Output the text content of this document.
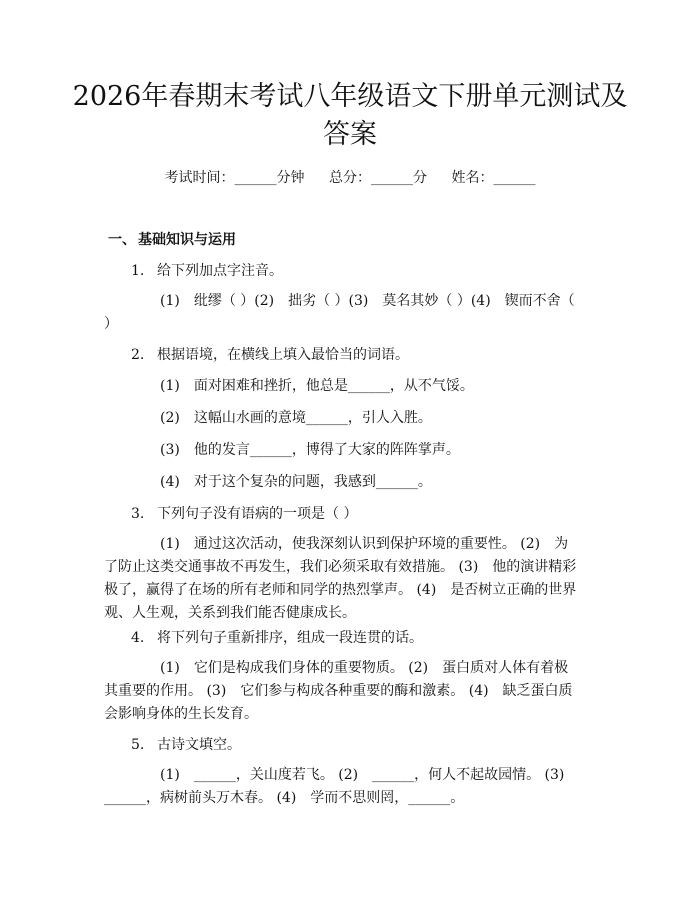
2026年春期末考试八年级语文下册单元测试及答案
考试时间：______分钟 总分：______分 姓名：______
一、 基础知识与运用
1. 给下列加点字注音。
(1)　纰缪（ ）(2)　拙劣（ ）(3)　莫名其妙（ ）(4)　锲而不舍（ ）
2. 根据语境，在横线上填入最恰当的词语。
(1)　面对困难和挫折，他总是______，从不气馁。
(2)　这幅山水画的意境______，引人入胜。
(3)　他的发言______，博得了大家的阵阵掌声。
(4)　对于这个复杂的问题，我感到______。
3. 下列句子没有语病的一项是（ ）
(1)　通过这次活动，使我深刻认识到保护环境的重要性。 (2)　为了防止这类交通事故不再发生，我们必须采取有效措施。 (3)　他的演讲精彩极了，赢得了在场的所有老师和同学的热烈掌声。 (4)　是否树立正确的世界观、人生观，关系到我们能否健康成长。
4. 将下列句子重新排序，组成一段连贯的话。
(1)　它们是构成我们身体的重要物质。 (2)　蛋白质对人体有着极其重要的作用。 (3)　它们参与构成各种重要的酶和激素。 (4)　缺乏蛋白质会影响身体的生长发育。
5. 古诗文填空。
(1)　______，关山度若飞。 (2)　______，何人不起故园情。 (3)　______，病树前头万木春。 (4)　学而不思则罔，______。
